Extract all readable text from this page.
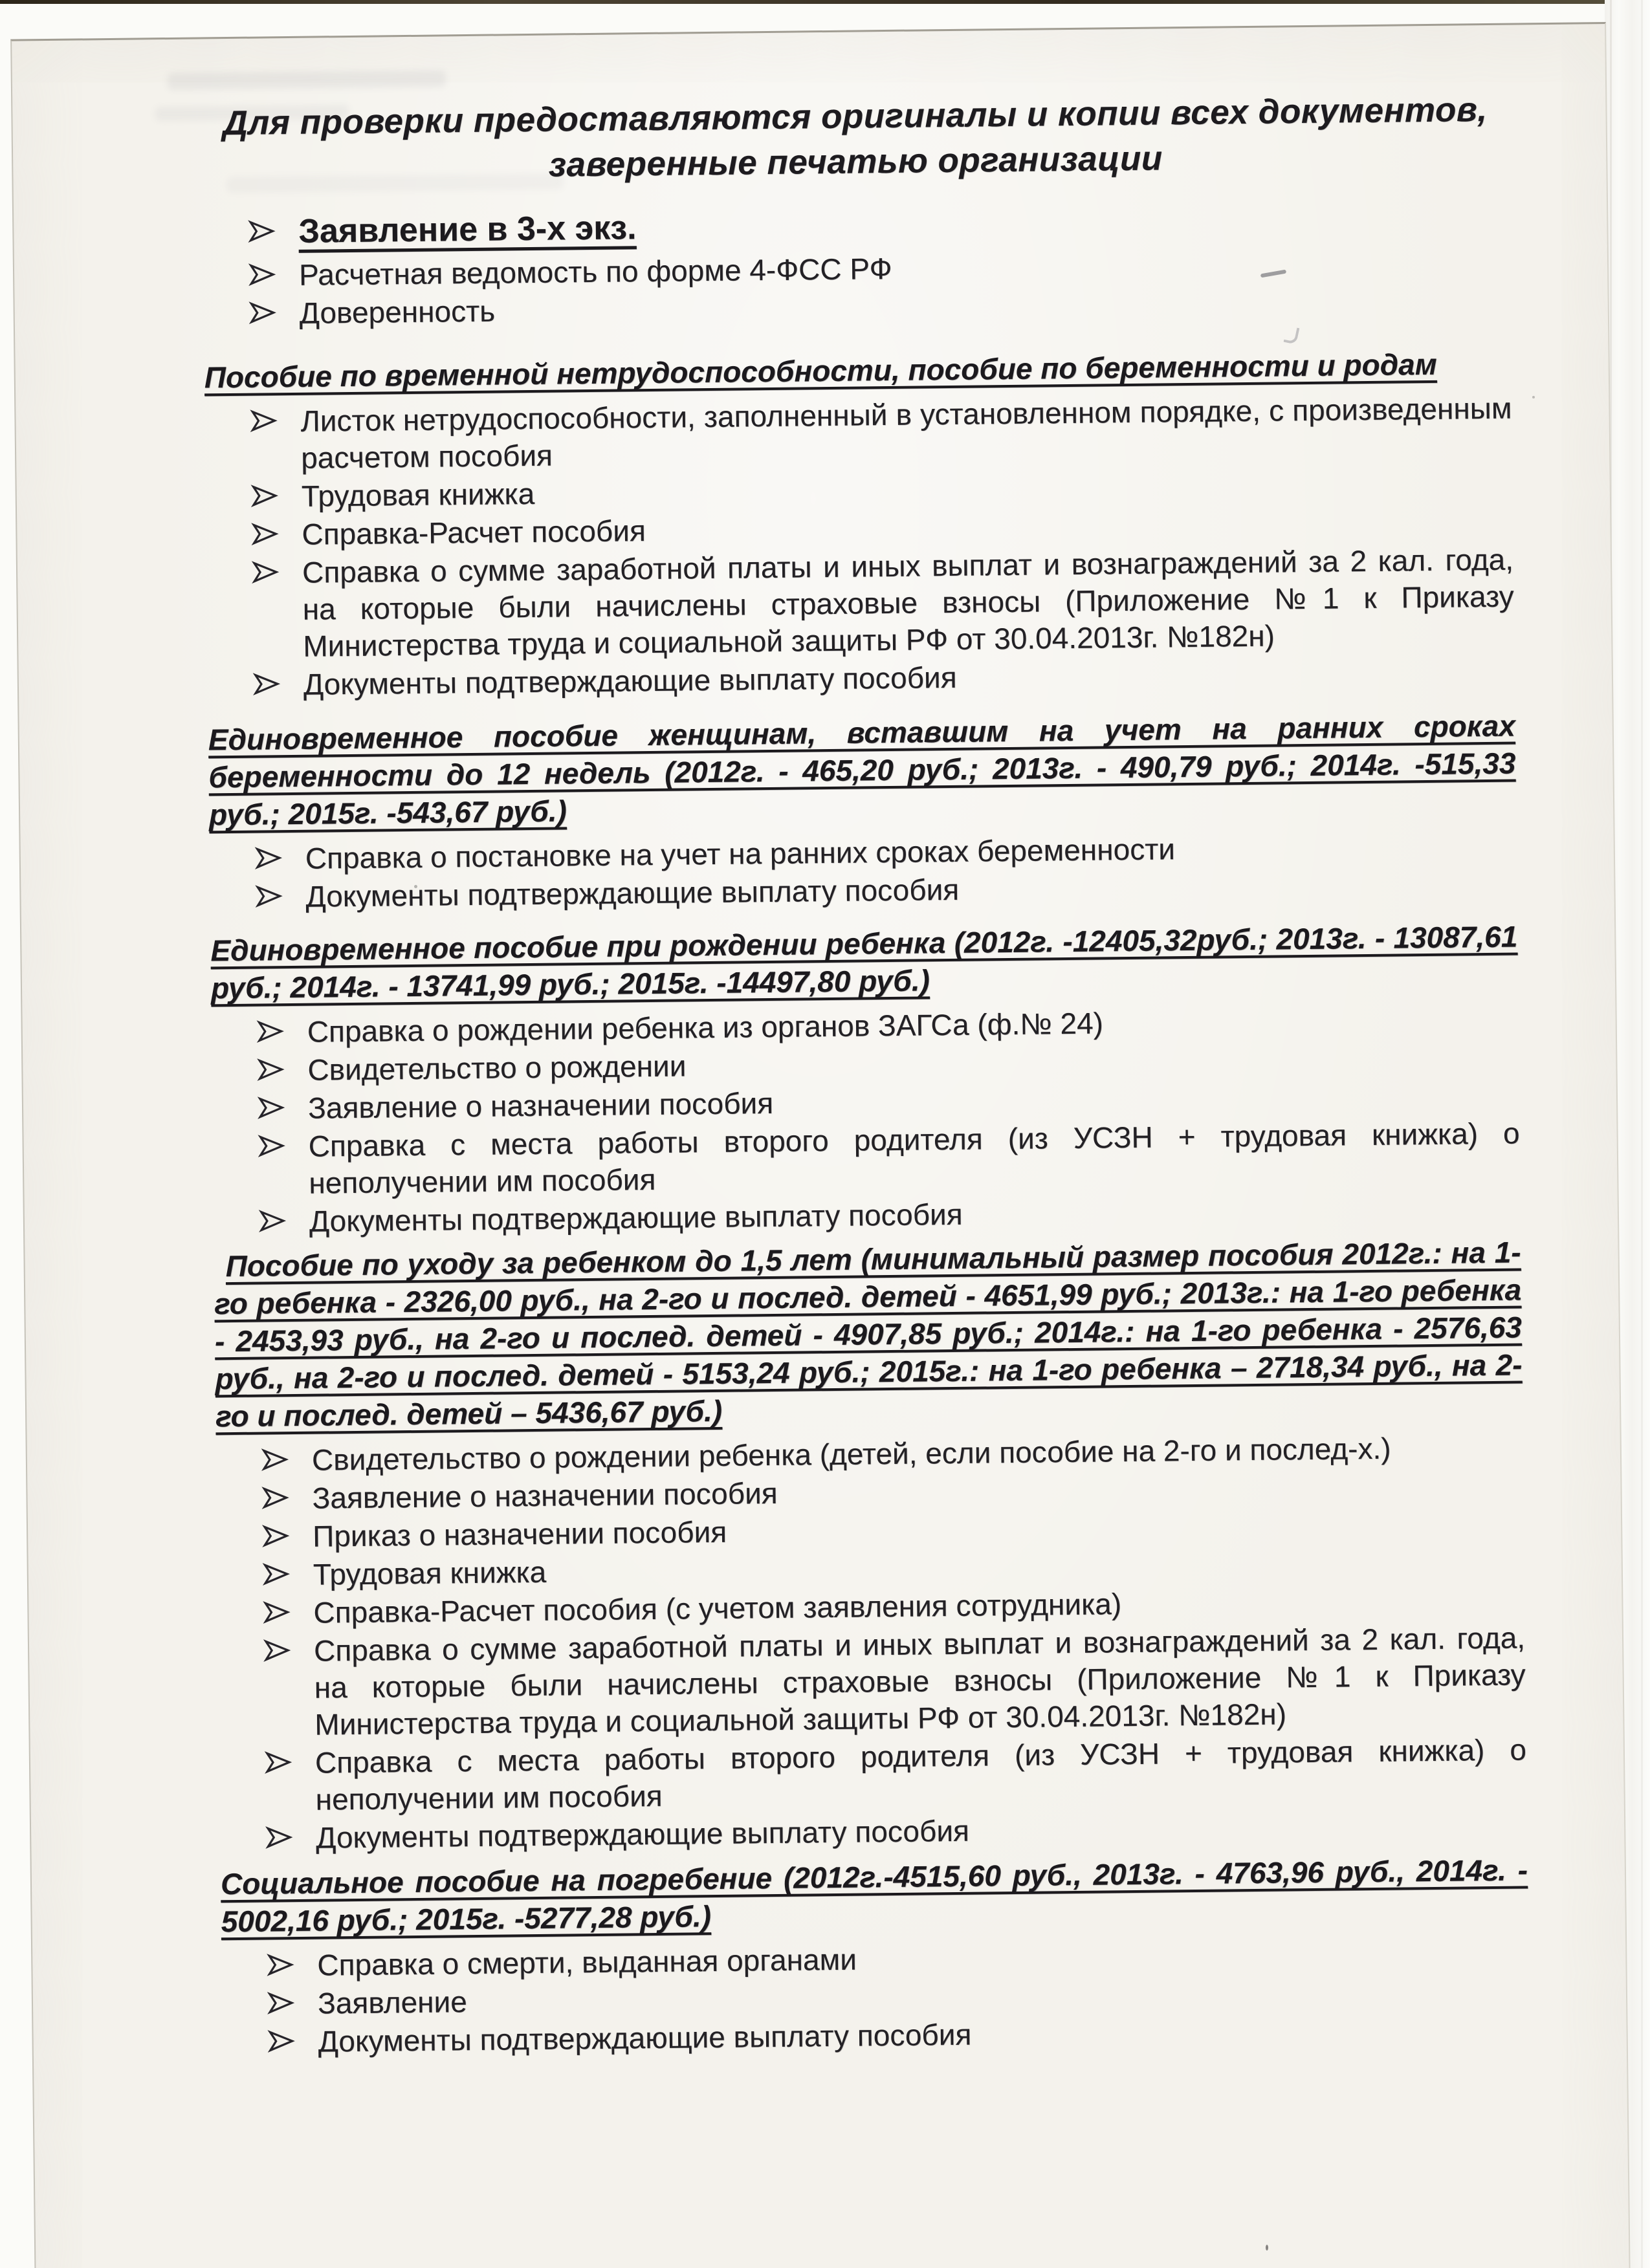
Для проверки предоставляются оригиналы и копии всех документов,
заверенные печатью организации
Заявление в 3-х экз.
Расчетная ведомость по форме 4-ФСС РФ
Доверенность
Пособие по временной нетрудоспособности, пособие по беременности и родам
Листок нетрудоспособности, заполненный в установленном порядке, с произведенным расчетом пособия
Трудовая книжка
Справка-Расчет пособия
Справка о сумме заработной платы и иных выплат и вознаграждений за 2 кал. года, на которые были начислены страховые взносы (Приложение №1 к Приказу Министерства труда и социальной защиты РФ от 30.04.2013г. №182н)
Документы подтверждающие выплату пособия
Единовременное пособие женщинам, вставшим на учет на ранних сроках беременности до 12 недель (2012г. - 465,20 руб.; 2013г. - 490,79 руб.; 2014г. -515,33 руб.; 2015г. -543,67 руб.)
Справка о постановке на учет на ранних сроках беременности
Документы подтверждающие выплату пособия
Единовременное пособие при рождении ребенка (2012г. -12405,32руб.; 2013г. - 13087,61 руб.; 2014г. - 13741,99 руб.; 2015г. -14497,80 руб.)
Справка о рождении ребенка из органов ЗАГСа (ф.№ 24)
Свидетельство о рождении
Заявление о назначении пособия
Справка с места работы второго родителя (из УСЗН + трудовая книжка) о неполучении им пособия
Документы подтверждающие выплату пособия
Пособие по уходу за ребенком до 1,5 лет (минимальный размер пособия 2012г.: на 1-го ребенка - 2326,00 руб., на 2-го и послед. детей - 4651,99 руб.; 2013г.: на 1-го ребенка - 2453,93 руб., на 2-го и послед. детей - 4907,85 руб.; 2014г.: на 1-го ребенка - 2576,63 руб., на 2-го и послед. детей - 5153,24 руб.; 2015г.: на 1-го ребенка – 2718,34 руб., на 2-го и послед. детей – 5436,67 руб.)
Свидетельство о рождении ребенка (детей, если пособие на 2-го и послед-х.)
Заявление о назначении пособия
Приказ о назначении пособия
Трудовая книжка
Справка-Расчет пособия (с учетом заявления сотрудника)
Справка о сумме заработной платы и иных выплат и вознаграждений за 2 кал. года, на которые были начислены страховые взносы (Приложение №1 к Приказу Министерства труда и социальной защиты РФ от 30.04.2013г. №182н)
Справка с места работы второго родителя (из УСЗН + трудовая книжка) о неполучении им пособия
Документы подтверждающие выплату пособия
Социальное пособие на погребение (2012г.-4515,60 руб., 2013г. - 4763,96 руб., 2014г. - 5002,16 руб.; 2015г. -5277,28 руб.)
Справка о смерти, выданная органами
Заявление
Документы подтверждающие выплату пособия
